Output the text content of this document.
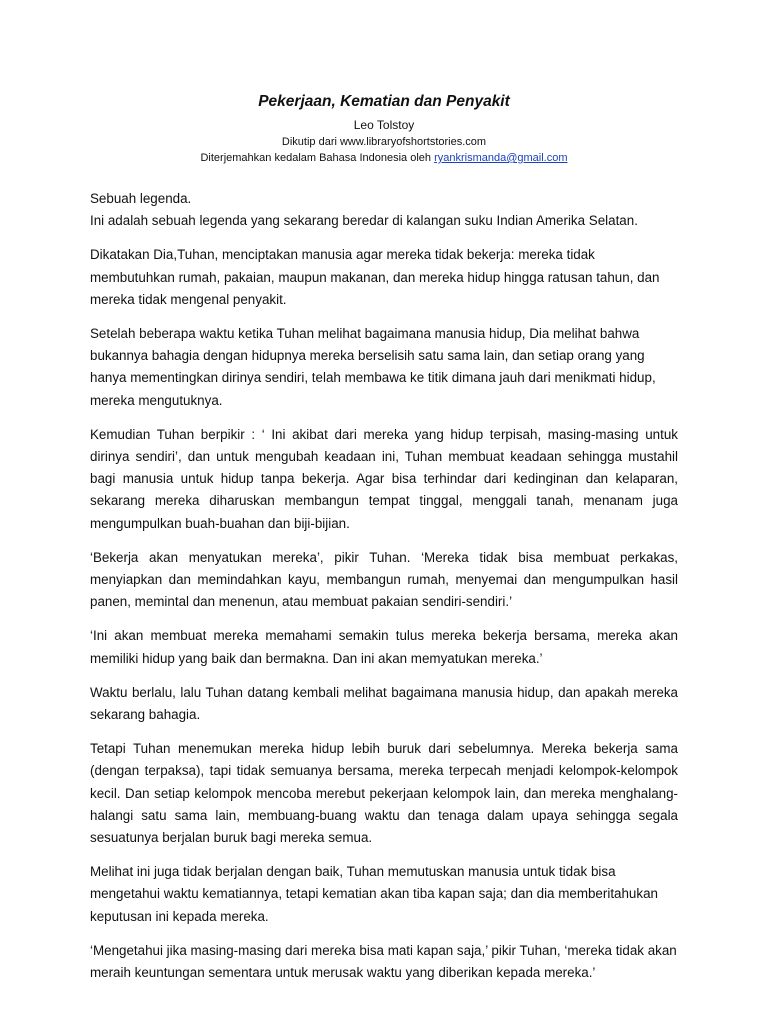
Pekerjaan, Kematian dan Penyakit

Leo Tolstoy

Dikutip dari www.libraryofshortstories.com

Diterjemahkan kedalam Bahasa Indonesia oleh ryankrismanda@gmail.com

Sebuah legenda.

Ini adalah sebuah legenda yang sekarang beredar di kalangan suku Indian Amerika Selatan.

Dikatakan Dia,Tuhan, menciptakan manusia agar mereka tidak bekerja: mereka tidak membutuhkan rumah, pakaian, maupun makanan, dan mereka hidup hingga ratusan tahun, dan mereka tidak mengenal penyakit.

Setelah beberapa waktu ketika Tuhan melihat bagaimana manusia hidup, Dia melihat bahwa bukannya bahagia dengan hidupnya mereka berselisih satu sama lain, dan setiap orang yang hanya mementingkan dirinya sendiri, telah membawa ke titik dimana jauh dari menikmati hidup, mereka mengutuknya.

Kemudian Tuhan berpikir : ‘ Ini akibat dari mereka yang hidup terpisah, masing-masing untuk dirinya sendiri’, dan untuk mengubah keadaan ini, Tuhan membuat keadaan sehingga mustahil bagi manusia untuk hidup tanpa bekerja. Agar bisa terhindar dari kedinginan dan kelaparan, sekarang mereka diharuskan membangun tempat tinggal, menggali tanah, menanam juga mengumpulkan buah-buahan dan biji-bijian.

‘Bekerja akan menyatukan mereka’, pikir Tuhan. ‘Mereka tidak bisa membuat perkakas, menyiapkan dan memindahkan kayu, membangun rumah, menyemai dan mengumpulkan hasil panen, memintal dan menenun, atau membuat pakaian sendiri-sendiri.’

‘Ini akan membuat mereka memahami semakin tulus mereka bekerja bersama, mereka akan memiliki hidup yang baik dan bermakna. Dan ini akan memyatukan mereka.’

Waktu berlalu, lalu Tuhan datang kembali melihat bagaimana manusia hidup, dan apakah mereka sekarang bahagia.

Tetapi Tuhan menemukan mereka hidup lebih buruk dari sebelumnya. Mereka bekerja sama (dengan terpaksa), tapi tidak semuanya bersama, mereka terpecah menjadi kelompok-kelompok kecil. Dan setiap kelompok mencoba merebut pekerjaan kelompok lain, dan mereka menghalang-halangi satu sama lain, membuang-buang waktu dan tenaga dalam upaya sehingga segala sesuatunya berjalan buruk bagi mereka semua.

Melihat ini juga tidak berjalan dengan baik, Tuhan memutuskan manusia untuk tidak bisa mengetahui waktu kematiannya, tetapi kematian akan tiba kapan saja; dan dia memberitahukan keputusan ini kepada mereka.

‘Mengetahui jika masing-masing dari mereka bisa mati kapan saja,’ pikir Tuhan, ‘mereka tidak akan meraih keuntungan sementara untuk merusak waktu yang diberikan kepada mereka.’
